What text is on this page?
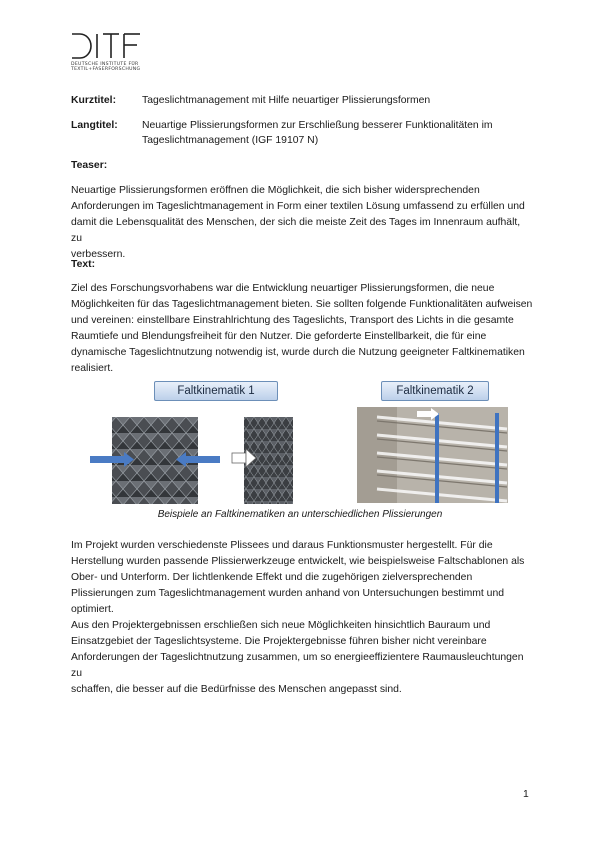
DEUTSCHE INSTITUTE FÜR
TEXTIL+FASERFORSCHUNG
Kurztitel: Tageslichtmanagement mit Hilfe neuartiger Plissierungsformen
Langtitel: Neuartige Plissierungsformen zur Erschließung besserer Funktionalitäten im
Tageslichtmanagement (IGF 19107 N)
Teaser:
Neuartige Plissierungsformen eröffnen die Möglichkeit, die sich bisher widersprechenden
Anforderungen im Tageslichtmanagement in Form einer textilen Lösung umfassend zu erfüllen und
damit die Lebensqualität des Menschen, der sich die meiste Zeit des Tages im Innenraum aufhält, zu
verbessern.
Text:
Ziel des Forschungsvorhabens war die Entwicklung neuartiger Plissierungsformen, die neue
Möglichkeiten für das Tageslichtmanagement bieten. Sie sollten folgende Funktionalitäten aufweisen
und vereinen: einstellbare Einstrahlrichtung des Tageslichts, Transport des Lichts in die gesamte
Raumtiefe und Blendungsfreiheit für den Nutzer. Die geforderte Einstellbarkeit, die für eine
dynamische Tageslichtnutzung notwendig ist, wurde durch die Nutzung geeigneter Faltkinematiken
realisiert.
Faltkinematik 1	Faltkinematik 2
Beispiele an Faltkinematiken an unterschiedlichen Plissierungen
Im Projekt wurden verschiedenste Plissees und daraus Funktionsmuster hergestellt. Für die
Herstellung wurden passende Plissierwerkzeuge entwickelt, wie beispielsweise Faltschablonen als
Ober- und Unterform. Der lichtlenkende Effekt und die zugehörigen zielversprechenden
Plissierungen zum Tageslichtmanagement wurden anhand von Untersuchungen bestimmt und
optimiert.
Aus den Projektergebnissen erschließen sich neue Möglichkeiten hinsichtlich Bauraum und
Einsatzgebiet der Tageslichtsysteme. Die Projektergebnisse führen bisher nicht vereinbare
Anforderungen der Tageslichtnutzung zusammen, um so energieeffizientere Raumausleuchtungen zu
schaffen, die besser auf die Bedürfnisse des Menschen angepasst sind.
1
